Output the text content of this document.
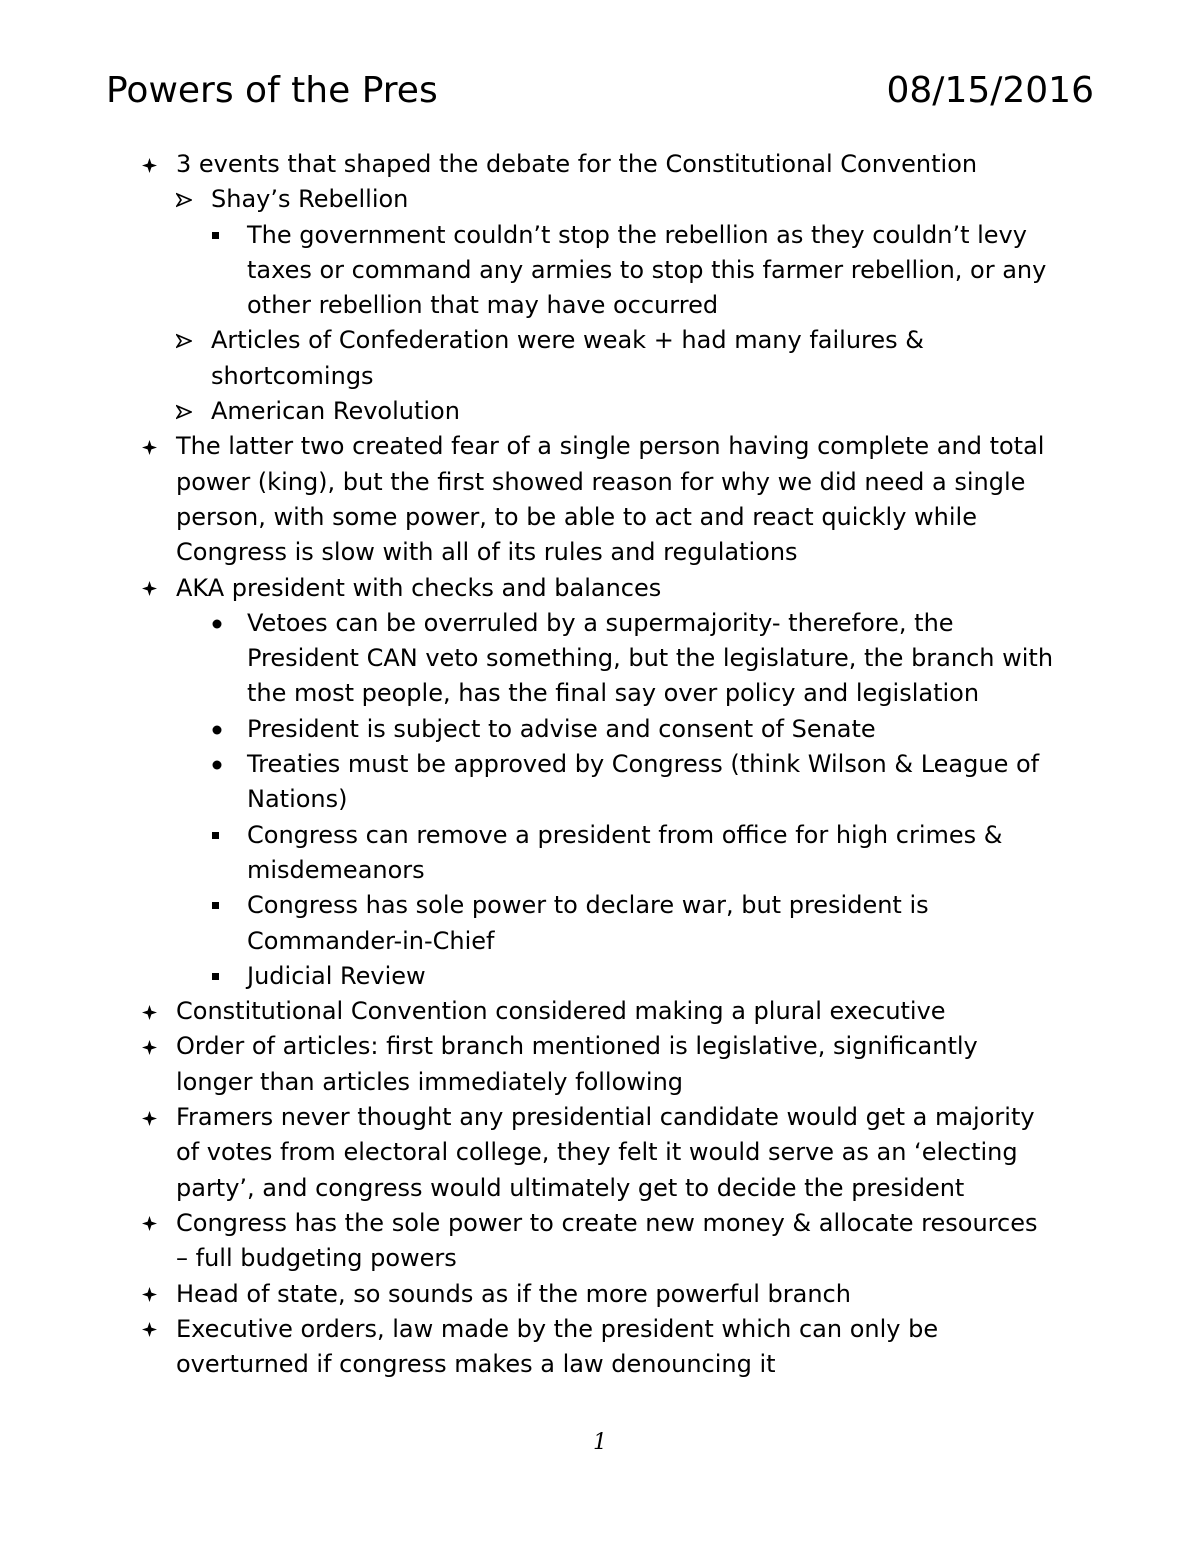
Powers of the Pres	08/15/2016
3 events that shaped the debate for the Constitutional Convention
Shay’s Rebellion
The government couldn’t stop the rebellion as they couldn’t levy taxes or command any armies to stop this farmer rebellion, or any other rebellion that may have occurred
Articles of Confederation were weak + had many failures & shortcomings
American Revolution
The latter two created fear of a single person having complete and total power (king), but the first showed reason for why we did need a single person, with some power, to be able to act and react quickly while Congress is slow with all of its rules and regulations
AKA president with checks and balances
Vetoes can be overruled by a supermajority- therefore, the President CAN veto something, but the legislature, the branch with the most people, has the final say over policy and legislation
President is subject to advise and consent of Senate
Treaties must be approved by Congress (think Wilson & League of Nations)
Congress can remove a president from office for high crimes & misdemeanors
Congress has sole power to declare war, but president is Commander-in-Chief
Judicial Review
Constitutional Convention considered making a plural executive
Order of articles: first branch mentioned is legislative, significantly longer than articles immediately following
Framers never thought any presidential candidate would get a majority of votes from electoral college, they felt it would serve as an ‘electing party’, and congress would ultimately get to decide the president
Congress has the sole power to create new money & allocate resources – full budgeting powers
Head of state, so sounds as if the more powerful branch
Executive orders, law made by the president which can only be overturned if congress makes a law denouncing it
1
